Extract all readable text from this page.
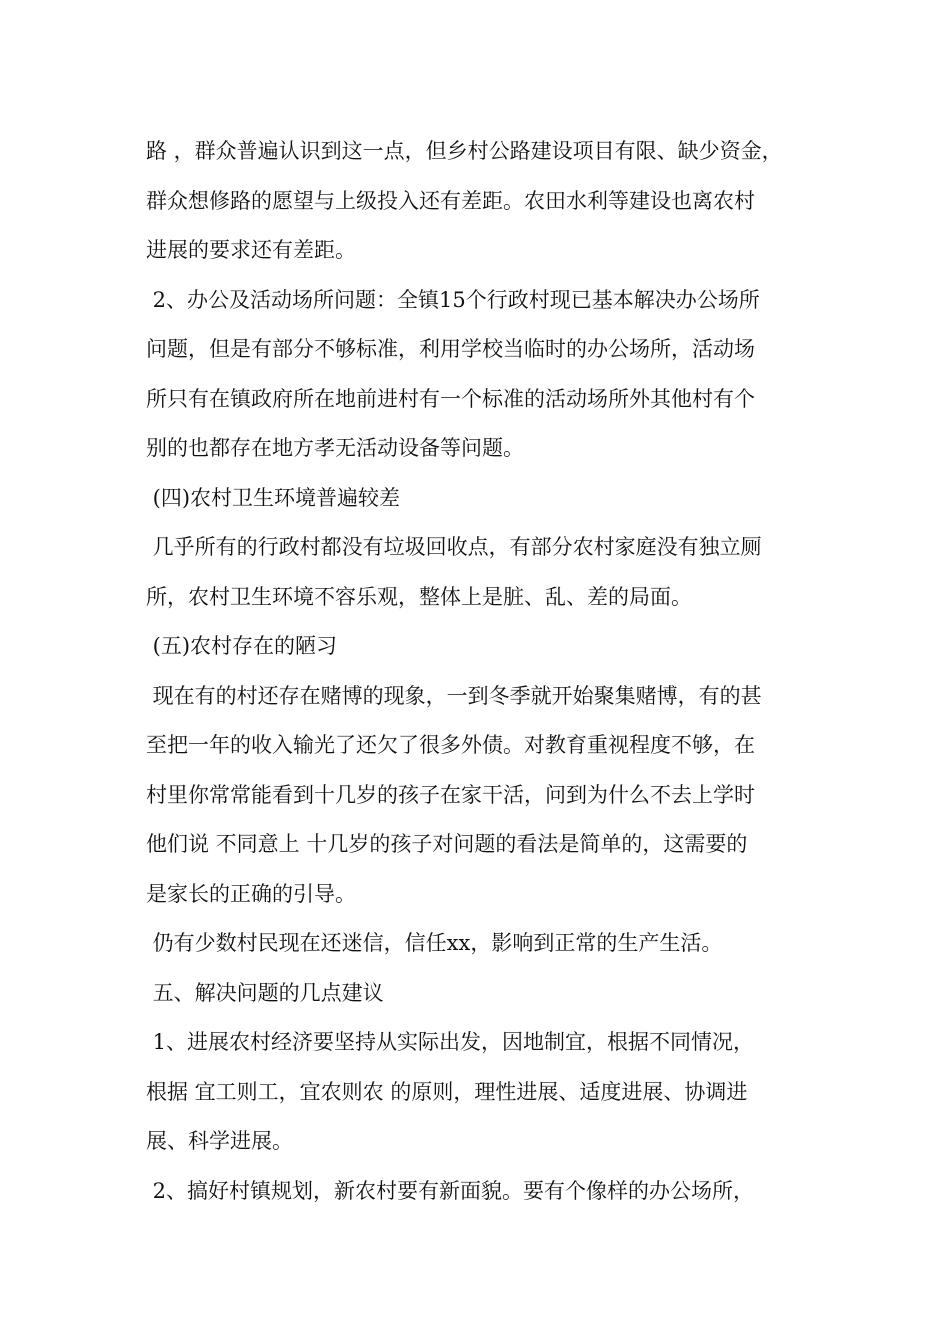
路 ，群众普遍认识到这一点，但乡村公路建设项目有限、缺少资金，
群众想修路的愿望与上级投入还有差距。农田水利等建设也离农村
进展的要求还有差距。
2、办公及活动场所问题：全镇15个行政村现已基本解决办公场所
问题，但是有部分不够标准，利用学校当临时的办公场所，活动场
所只有在镇政府所在地前进村有一个标准的活动场所外其他村有个
别的也都存在地方孝无活动设备等问题。
(四)农村卫生环境普遍较差
几乎所有的行政村都没有垃圾回收点，有部分农村家庭没有独立厕
所，农村卫生环境不容乐观，整体上是脏、乱、差的局面。
(五)农村存在的陋习
现在有的村还存在赌博的现象，一到冬季就开始聚集赌博，有的甚
至把一年的收入输光了还欠了很多外债。对教育重视程度不够，在
村里你常常能看到十几岁的孩子在家干活，问到为什么不去上学时
他们说 不同意上 十几岁的孩子对问题的看法是简单的，这需要的
是家长的正确的引导。
仍有少数村民现在还迷信，信任xx，影响到正常的生产生活。
五、解决问题的几点建议
1、进展农村经济要坚持从实际出发，因地制宜，根据不同情况，
根据 宜工则工，宜农则农 的原则，理性进展、适度进展、协调进
展、科学进展。
2、搞好村镇规划，新农村要有新面貌。要有个像样的办公场所，
